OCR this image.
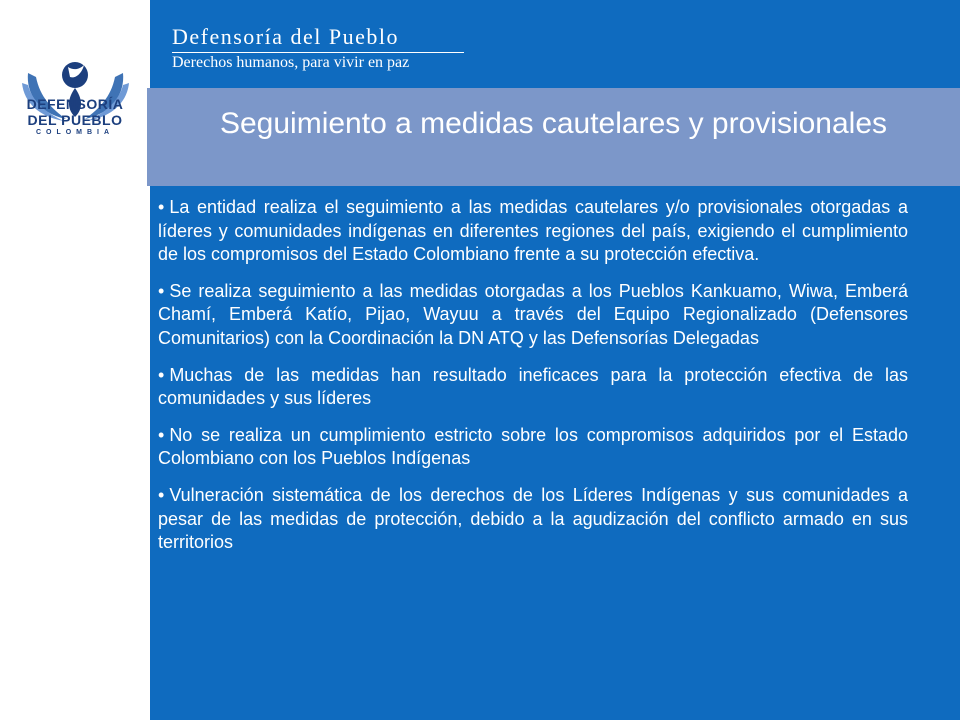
DEFENSORÍA
DEL PUEBLO
COLOMBIA
Defensoría del Pueblo
Derechos humanos, para vivir en paz
Seguimiento a medidas cautelares y provisionales
• La entidad realiza el seguimiento a las medidas cautelares y/o provisionales otorgadas a líderes y comunidades indígenas en diferentes regiones del país, exigiendo el cumplimiento de los compromisos del Estado Colombiano frente a su protección efectiva.
• Se realiza seguimiento a las medidas otorgadas a los Pueblos Kankuamo, Wiwa, Emberá Chamí, Emberá Katío, Pijao, Wayuu a través del Equipo Regionalizado (Defensores Comunitarios) con la Coordinación la DN ATQ y las Defensorías Delegadas
• Muchas de las medidas han resultado ineficaces para la protección efectiva de las comunidades y sus líderes
• No se realiza un cumplimiento estricto sobre los compromisos adquiridos por el Estado Colombiano con los Pueblos Indígenas
• Vulneración sistemática de los derechos de los Líderes Indígenas y sus comunidades a pesar de las medidas de protección, debido a la agudización del conflicto armado en sus territorios
